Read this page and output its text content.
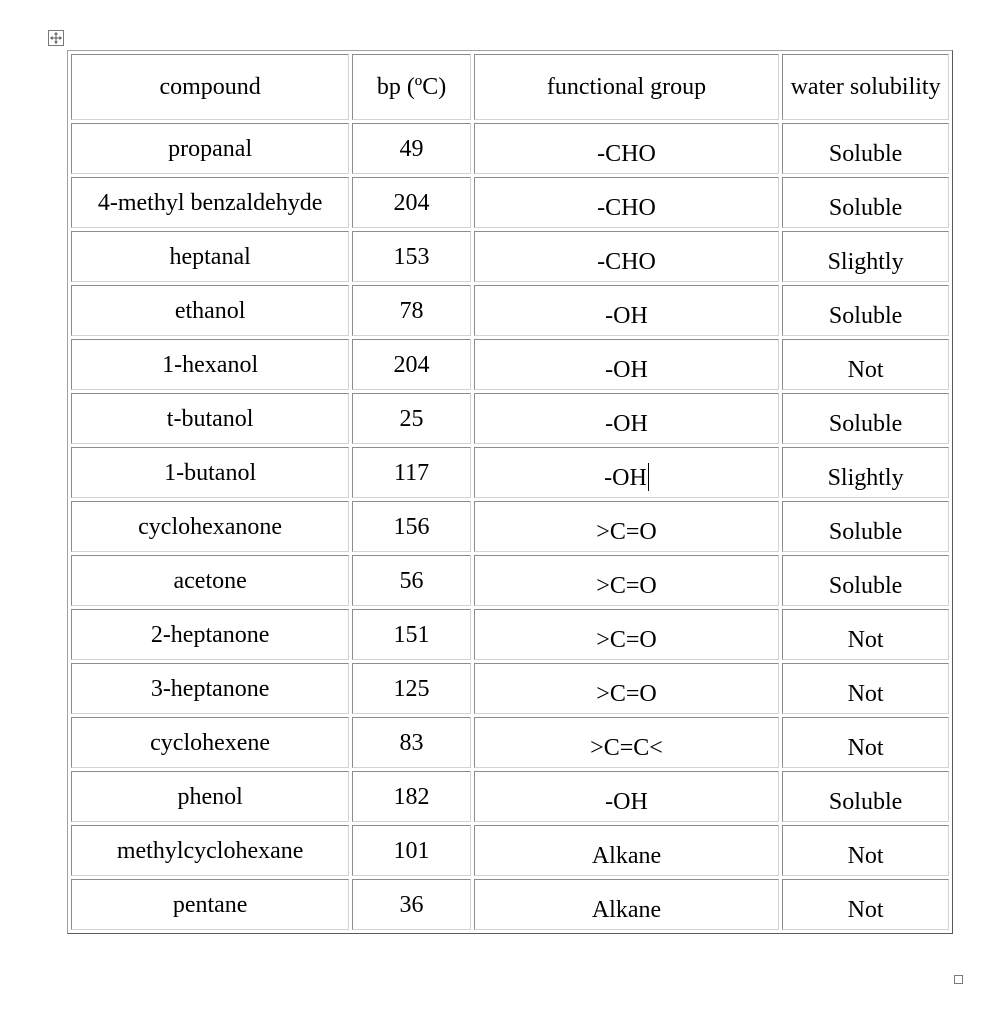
compound	bp (ºC)	functional group	water solubility
propanal	49	-CHO	Soluble
4-methyl benzaldehyde	204	-CHO	Soluble
heptanal	153	-CHO	Slightly
ethanol	78	-OH	Soluble
1-hexanol	204	-OH	Not
t-butanol	25	-OH	Soluble
1-butanol	117	-OH	Slightly
cyclohexanone	156	>C=O	Soluble
acetone	56	>C=O	Soluble
2-heptanone	151	>C=O	Not
3-heptanone	125	>C=O	Not
cyclohexene	83	>C=C<	Not
phenol	182	-OH	Soluble
methylcyclohexane	101	Alkane	Not
pentane	36	Alkane	Not
